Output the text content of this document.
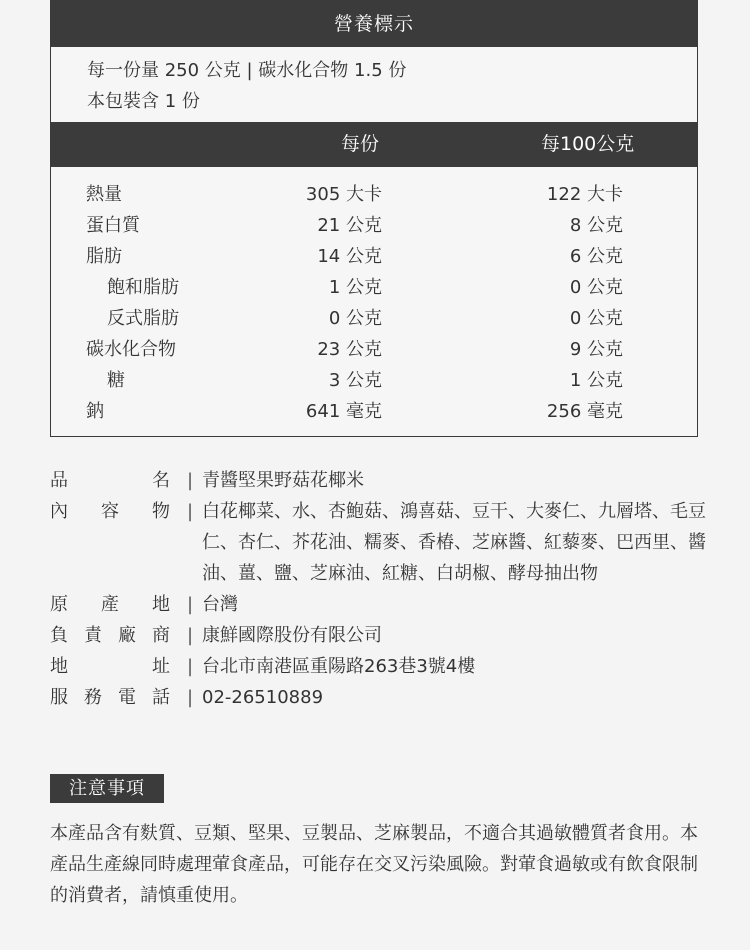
營養標示
每一份量 250 公克 | 碳水化合物 1.5 份
本包裝含 1 份
每份	每100公克
熱量	305 大卡	122 大卡
蛋白質	21 公克	8 公克
脂肪	14 公克	6 公克
飽和脂肪	1 公克	0 公克
反式脂肪	0 公克	0 公克
碳水化合物	23 公克	9 公克
糖	3 公克	1 公克
鈉	641 毫克	256 毫克
品	名 | 青醬堅果野菇花椰米
內 容 物 | 白花椰菜、水、杏鮑菇、鴻喜菇、豆干、大麥仁、九層塔、毛豆仁、杏仁、芥花油、糯麥、香椿、芝麻醬、紅藜麥、巴西里、醬油、薑、鹽、芝麻油、紅糖、白胡椒、酵母抽出物
原 產 地 | 台灣
負 責 廠 商 | 康鮮國際股份有限公司
地	址 | 台北市南港區重陽路263巷3號4樓
服 務 電 話 | 02-26510889
注意事項
本產品含有麩質、豆類、堅果、豆製品、芝麻製品，不適合其過敏體質者食用。本產品生產線同時處理葷食產品，可能存在交叉污染風險。對葷食過敏或有飲食限制的消費者，請慎重使用。
